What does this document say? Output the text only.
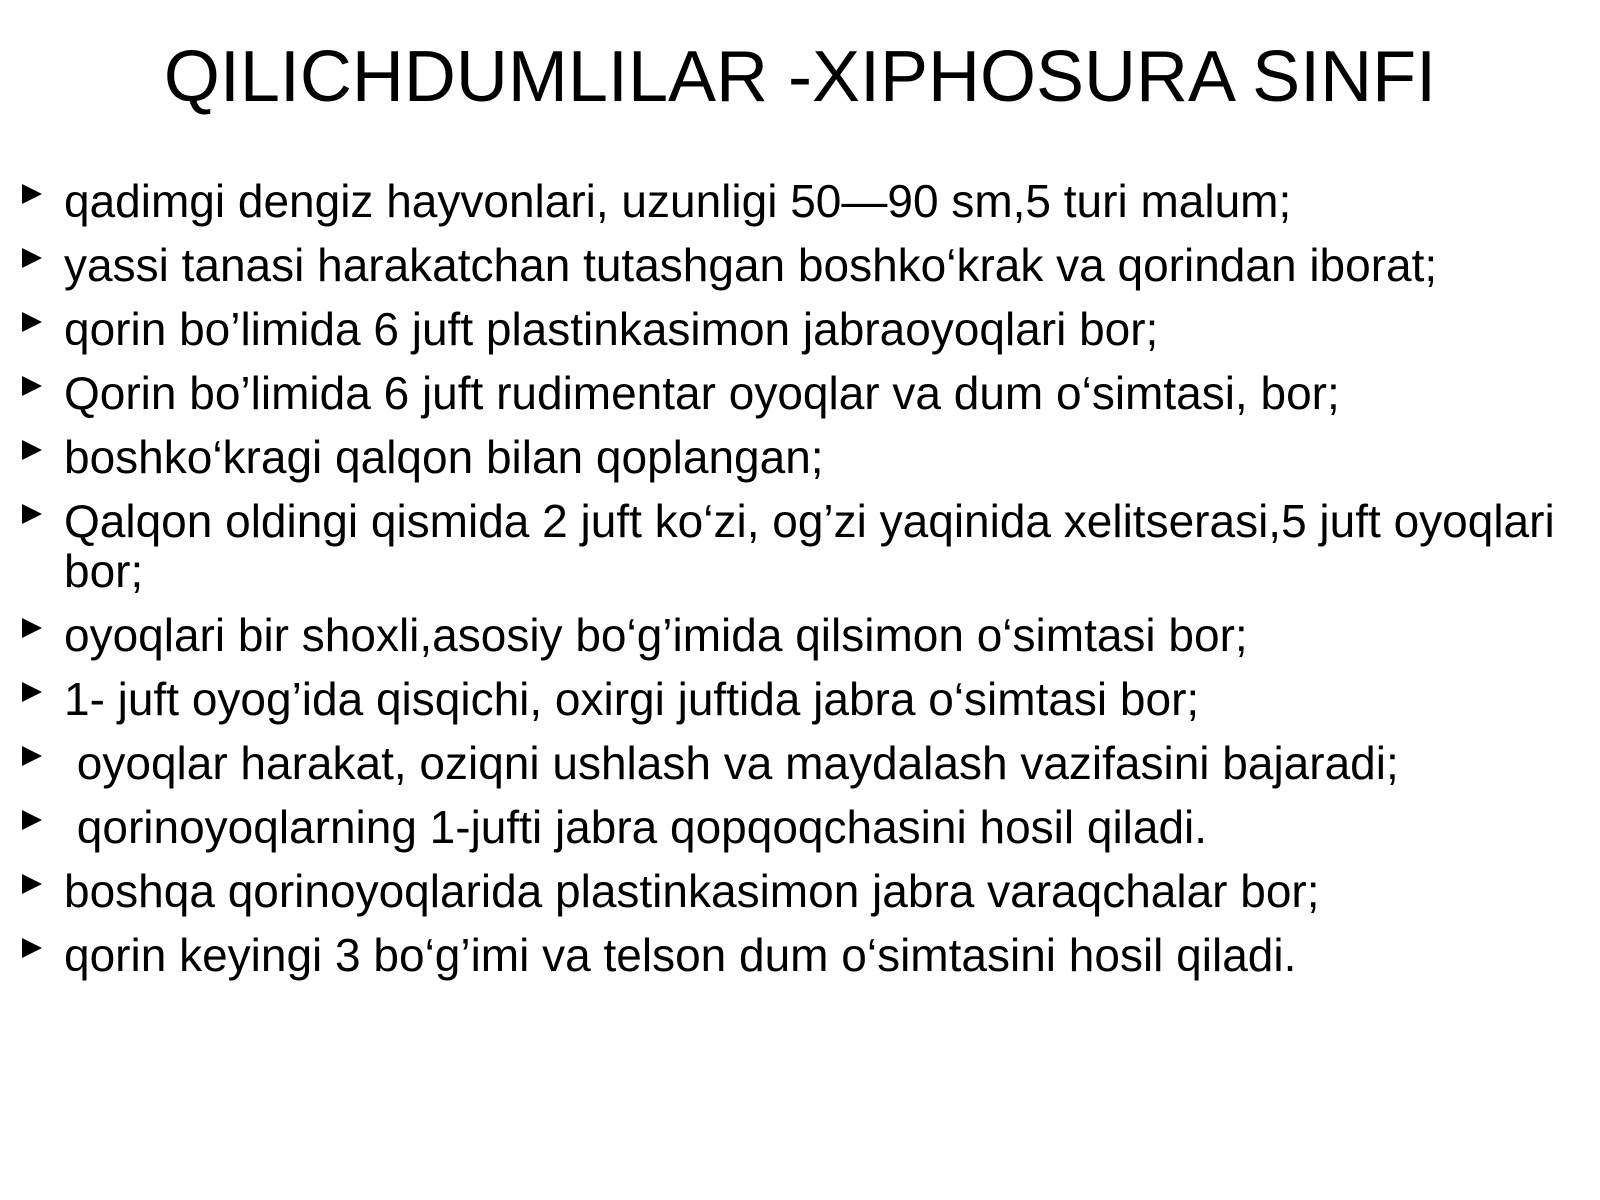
QILICHDUMLILAR -XIPHOSURA SINFI
qadimgi dengiz hayvonlari, uzunligi 50—90 sm,5 turi malum;
yassi tanasi harakatchan tutashgan boshko‘krak va qorindan iborat;
qorin bo’limida 6 juft plastinkasimon jabraoyoqlari bor;
Qorin bo’limida 6 juft rudimentar oyoqlar va dum o‘simtasi, bor;
boshko‘kragi qalqon bilan qoplangan;
Qalqon oldingi qismida 2 juft ko‘zi, og’zi yaqinida xelitserasi,5 juft oyoqlari bor;
oyoqlari bir shoxli,asosiy bo‘g’imida qilsimon o‘simtasi bor;
1- juft oyog’ida qisqichi, oxirgi juftida jabra o‘simtasi bor;
oyoqlar harakat, oziqni ushlash va maydalash vazifasini bajaradi;
qorinoyoqlarning 1-jufti jabra qopqoqchasini hosil qiladi.
boshqa qorinoyoqlarida plastinkasimon jabra varaqchalar bor;
qorin keyingi 3 bo‘g’imi va telson dum o‘simtasini hosil qiladi.
